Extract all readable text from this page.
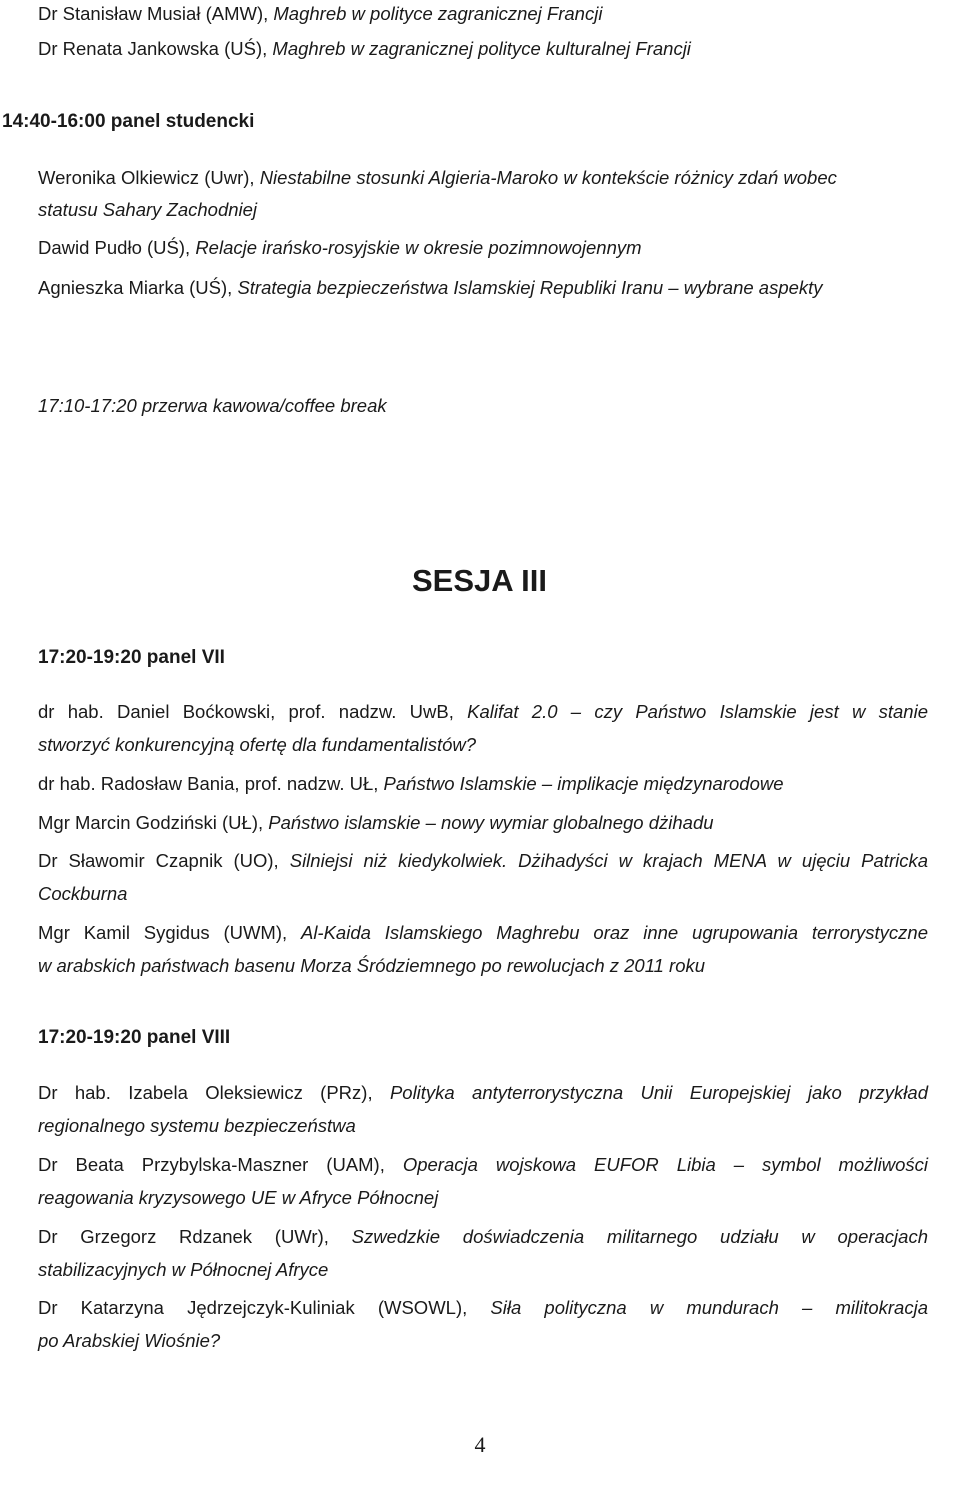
Dr Stanisław Musiał (AMW), Maghreb w polityce zagranicznej Francji
Dr Renata Jankowska (UŚ), Maghreb w zagranicznej polityce kulturalnej Francji
14:40-16:00 panel studencki
Weronika Olkiewicz (Uwr), Niestabilne stosunki Algieria-Maroko w kontekście różnicy zdań wobec
statusu Sahary Zachodniej
Dawid Pudło (UŚ), Relacje irańsko-rosyjskie w okresie pozimnowojennym
Agnieszka Miarka (UŚ), Strategia bezpieczeństwa Islamskiej Republiki Iranu – wybrane aspekty
17:10-17:20 przerwa kawowa/coffee break
SESJA III
17:20-19:20 panel VII
dr hab. Daniel Boćkowski, prof. nadzw. UwB, Kalifat 2.0 – czy Państwo Islamskie jest w stanie
stworzyć konkurencyjną ofertę dla fundamentalistów?
dr hab. Radosław Bania, prof. nadzw. UŁ, Państwo Islamskie – implikacje międzynarodowe
Mgr Marcin Godziński (UŁ), Państwo islamskie – nowy wymiar globalnego dżihadu
Dr Sławomir Czapnik (UO), Silniejsi niż kiedykolwiek. Dżihadyści w krajach MENA w ujęciu Patricka
Cockburna
Mgr Kamil Sygidus (UWM), Al-Kaida Islamskiego Maghrebu oraz inne ugrupowania terrorystyczne
w arabskich państwach basenu Morza Śródziemnego po rewolucjach z 2011 roku
17:20-19:20 panel VIII
Dr hab. Izabela Oleksiewicz (PRz), Polityka antyterrorystyczna Unii Europejskiej jako przykład
regionalnego systemu bezpieczeństwa
Dr Beata Przybylska-Maszner (UAM), Operacja wojskowa EUFOR Libia – symbol możliwości
reagowania kryzysowego UE w Afryce Północnej
Dr Grzegorz Rdzanek (UWr), Szwedzkie doświadczenia militarnego udziału w operacjach
stabilizacyjnych w Północnej Afryce
Dr Katarzyna Jędrzejczyk-Kuliniak (WSOWL), Siła polityczna w mundurach – militokracja
po Arabskiej Wiośnie?
4
